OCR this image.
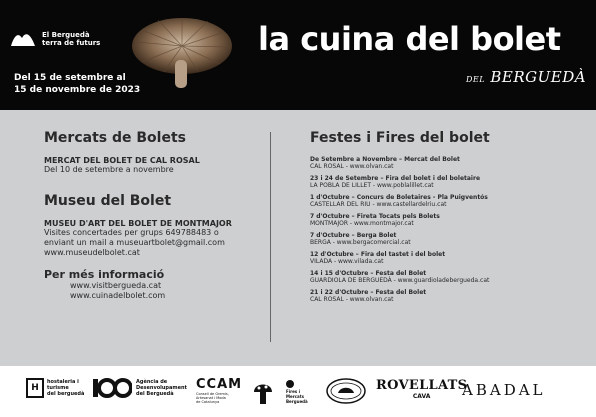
El Berguedà
terra de futurs	la cuina del bolet
DEL BERGUEDÀ
Del 15 de setembre al
15 de novembre de 2023
Mercats de Bolets
MERCAT DEL BOLET DE CAL ROSAL
Del 10 de setembre a novembre
Museu del Bolet
MUSEU D'ART DEL BOLET DE MONTMAJOR
Visites concertades per grups 649788483 o
enviant un mail a museuartbolet@gmail.com
www.museudelbolet.cat
Per més informació
www.visitbergueda.cat
www.cuinadelbolet.com
Festes i Fires del bolet
De Setembre a Novembre – Mercat del Bolet
CAL ROSAL - www.olvan.cat
23 i 24 de Setembre – Fira del bolet i del boletaire
LA POBLA DE LILLET - www.poblalillet.cat
1 d'Octubre – Concurs de Boletaires - Pla Puigventós
CASTELLAR DEL RIU - www.castellardelriu.cat
7 d'Octubre – Fireta Tocats pels Bolets
MONTMAJOR - www.montmajor.cat
7 d'Octubre – Berga Bolet
BERGA - www.bergacomercial.cat
12 d'Octubre – Fira del tastet i del bolet
VILADA - www.vilada.cat
14 i 15 d'Octubre – Festa del Bolet
GUARDIOLA DE BERGUEDÀ - www.guardioladebergueda.cat
21 i 22 d'Octubre – Festa del Bolet
CAL ROSAL - www.olvan.cat
H
hostaleria i
turisme
del berguedà
Agència de
Desenvolupament
del Berguedà
CCAM
Consell de Gremis,
Artesanat i Moda
de Catalunya
Fires i
Mercats
Berguedà
ROVELLATS
CAVA	ABADAL
